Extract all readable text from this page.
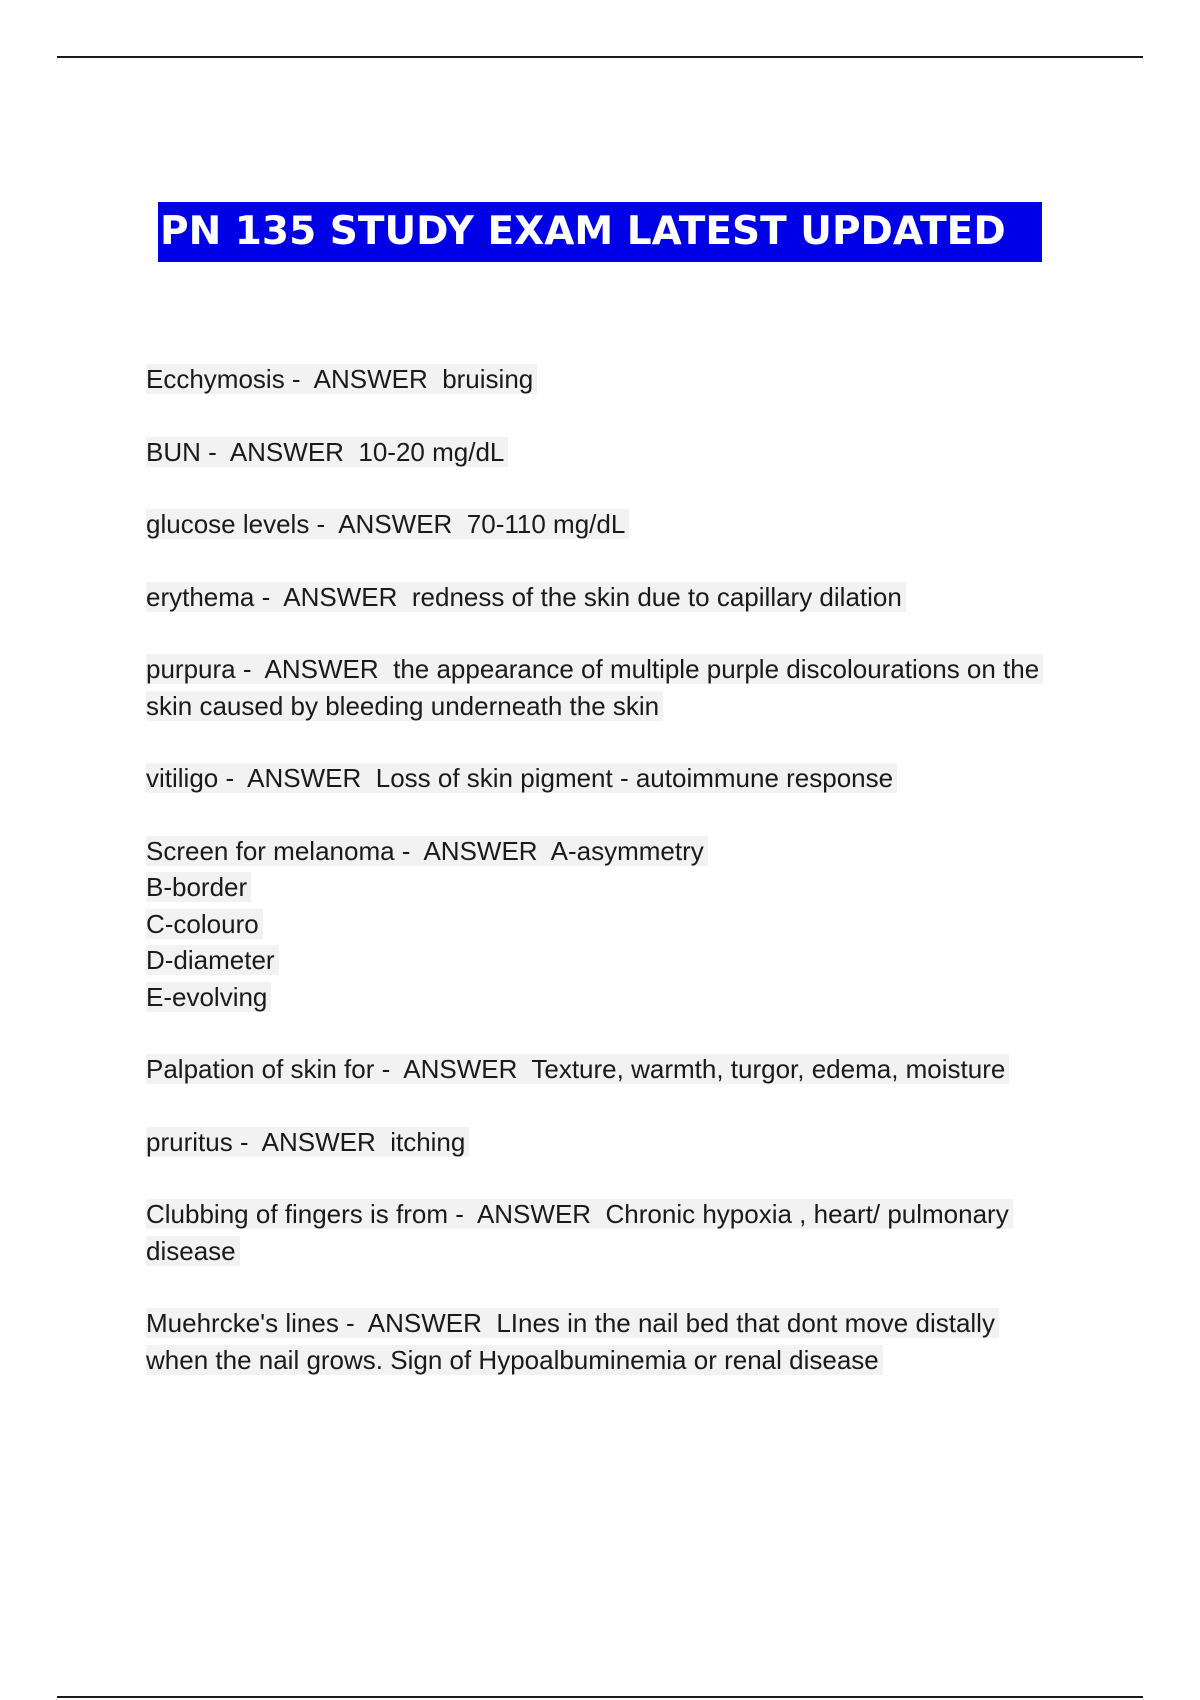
PN 135 STUDY EXAM LATEST UPDATED
Ecchymosis -  ANSWER  bruising
BUN -  ANSWER  10-20 mg/dL
glucose levels -  ANSWER  70-110 mg/dL
erythema -  ANSWER  redness of the skin due to capillary dilation
purpura -  ANSWER  the appearance of multiple purple discolourations on the skin caused by bleeding underneath the skin
vitiligo -  ANSWER  Loss of skin pigment - autoimmune response
Screen for melanoma -  ANSWER  A-asymmetry
B-border
C-colouro
D-diameter
E-evolving
Palpation of skin for -  ANSWER  Texture, warmth, turgor, edema, moisture
pruritus -  ANSWER  itching
Clubbing of fingers is from -  ANSWER  Chronic hypoxia , heart/ pulmonary disease
Muehrcke's lines -  ANSWER  LInes in the nail bed that dont move distally when the nail grows. Sign of Hypoalbuminemia or renal disease
